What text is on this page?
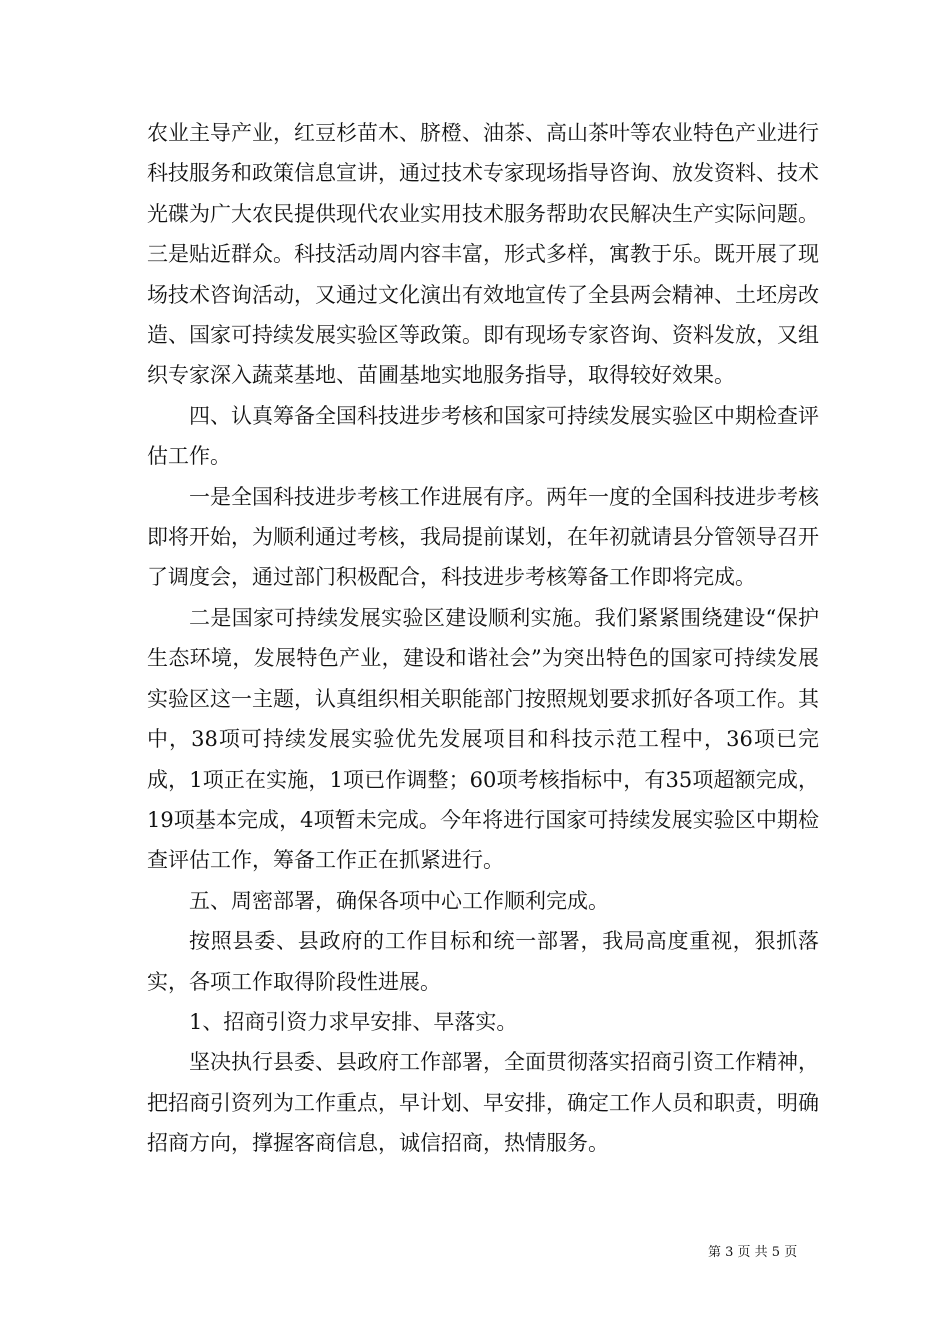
农业主导产业，红豆杉苗木、脐橙、油茶、高山茶叶等农业特色产业进行科技服务和政策信息宣讲，通过技术专家现场指导咨询、放发资料、技术光碟为广大农民提供现代农业实用技术服务帮助农民解决生产实际问题。三是贴近群众。科技活动周内容丰富，形式多样，寓教于乐。既开展了现场技术咨询活动，又通过文化演出有效地宣传了全县两会精神、土坯房改造、国家可持续发展实验区等政策。即有现场专家咨询、资料发放，又组织专家深入蔬菜基地、苗圃基地实地服务指导，取得较好效果。

四、认真筹备全国科技进步考核和国家可持续发展实验区中期检查评估工作。

一是全国科技进步考核工作进展有序。两年一度的全国科技进步考核即将开始，为顺利通过考核，我局提前谋划，在年初就请县分管领导召开了调度会，通过部门积极配合，科技进步考核筹备工作即将完成。

二是国家可持续发展实验区建设顺利实施。我们紧紧围绕建设“保护生态环境，发展特色产业，建设和谐社会”为突出特色的国家可持续发展实验区这一主题，认真组织相关职能部门按照规划要求抓好各项工作。其中，38项可持续发展实验优先发展项目和科技示范工程中，36项已完成，1项正在实施，1项已作调整；60项考核指标中，有35项超额完成，19项基本完成，4项暂未完成。今年将进行国家可持续发展实验区中期检查评估工作，筹备工作正在抓紧进行。

五、周密部署，确保各项中心工作顺利完成。

按照县委、县政府的工作目标和统一部署，我局高度重视，狠抓落实，各项工作取得阶段性进展。

1、招商引资力求早安排、早落实。

坚决执行县委、县政府工作部署，全面贯彻落实招商引资工作精神，把招商引资列为工作重点，早计划、早安排，确定工作人员和职责，明确招商方向，撑握客商信息，诚信招商，热情服务。

第 3 页 共 5 页
